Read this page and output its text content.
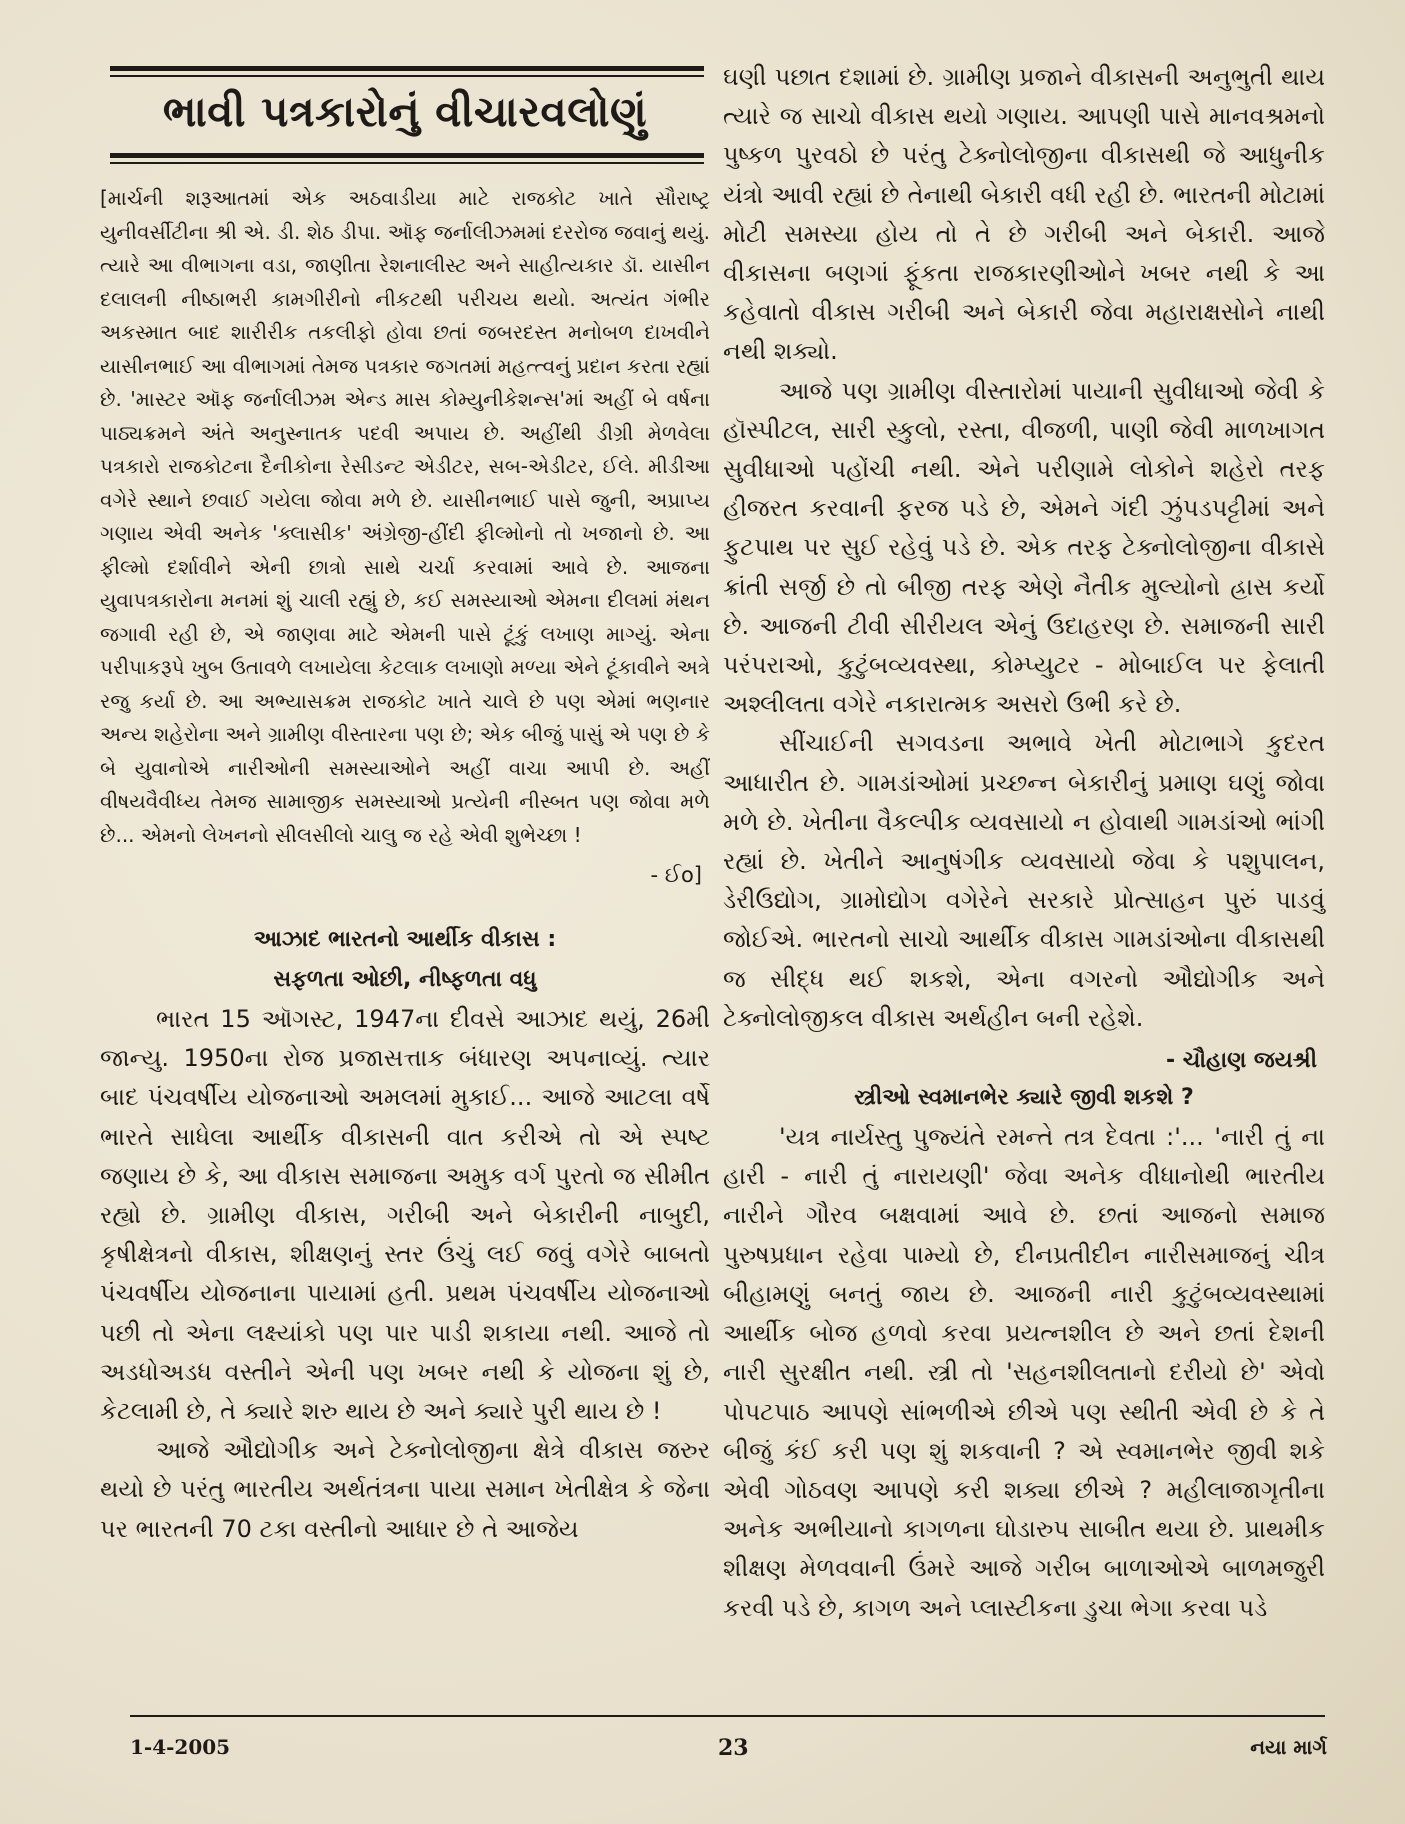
ભાવી પત્રકારોનું વીચારવલોણું

[માર્ચની શરૂઆતમાં એક અઠવાડીયા માટે રાજકોટ ખાતે સૌરાષ્ટ્ર યુનીવર્સીટીના શ્રી એ. ડી. શેઠ ડીપા. ઑફ જર્નાલીઝમમાં દરરોજ જવાનું થયું. ત્યારે આ વીભાગના વડા, જાણીતા રેશનાલીસ્ટ અને સાહીત્યકાર ડૉ. યાસીન દલાલની નીષ્ઠાભરી કામગીરીનો નીકટથી પરીચય થયો. અત્યંત ગંભીર અકસ્માત બાદ શારીરીક તકલીફો હોવા છતાં જબરદસ્ત મનોબળ દાખવીને યાસીનભાઈ આ વીભાગમાં તેમજ પત્રકાર જગતમાં મહત્ત્વનું પ્રદાન કરતા રહ્યાં છે. 'માસ્ટર ઑફ જર્નાલીઝમ એન્ડ માસ કોમ્યુનીકેશન્સ'માં અહીં બે વર્ષના પાઠ્યક્રમને અંતે અનુસ્નાતક પદવી અપાય છે. અહીંથી ડીગ્રી મેળવેલા પત્રકારો રાજકોટના દૈનીકોના રેસીડન્ટ એડીટર, સબ-એડીટર, ઈલે. મીડીઆ વગેરે સ્થાને છવાઈ ગયેલા જોવા મળે છે. યાસીનભાઈ પાસે જુની, અપ્રાપ્ય ગણાય એવી અનેક 'ક્લાસીક' અંગ્રેજી-હીંદી ફીલ્મોનો તો ખજાનો છે. આ ફીલ્મો દર્શાવીને એની છાત્રો સાથે ચર્ચા કરવામાં આવે છે. આજના યુવાપત્રકારોના મનમાં શું ચાલી રહ્યું છે, કઈ સમસ્યાઓ એમના દીલમાં મંથન જગાવી રહી છે, એ જાણવા માટે એમની પાસે ટૂંકું લખાણ માગ્યું. એના પરીપાકરૂપે ખુબ ઉતાવળે લખાયેલા કેટલાક લખાણો મળ્યા એને ટૂંકાવીને અત્રે રજુ કર્યા છે. આ અભ્યાસક્રમ રાજકોટ ખાતે ચાલે છે પણ એમાં ભણનાર અન્ય શહેરોના અને ગ્રામીણ વીસ્તારના પણ છે; એક બીજું પાસું એ પણ છે કે બે યુવાનોએ નારીઓની સમસ્યાઓને અહીં વાચા આપી છે. અહીં વીષયવૈવીધ્ય તેમજ સામાજીક સમસ્યાઓ પ્રત્યેની નીસ્બત પણ જોવા મળે છે... એમનો લેખનનો સીલસીલો ચાલુ જ રહે એવી શુભેચ્છા !

- ઈo]

આઝાદ ભારતનો આર્થીક વીકાસ :

સફળતા ઓછી, નીષ્ફળતા વધુ

ભારત 15 ઑગસ્ટ, 1947ના દીવસે આઝાદ થયું, 26મી જાન્યુ. 1950ના રોજ પ્રજાસત્તાક બંધારણ અપનાવ્યું. ત્યાર બાદ પંચવર્ષીય યોજનાઓ અમલમાં મુકાઈ... આજે આટલા વર્ષે ભારતે સાધેલા આર્થીક વીકાસની વાત કરીએ તો એ સ્પષ્ટ જણાય છે કે, આ વીકાસ સમાજના અમુક વર્ગ પુરતો જ સીમીત રહ્યો છે. ગ્રામીણ વીકાસ, ગરીબી અને બેકારીની નાબુદી, કૃષીક્ષેત્રનો વીકાસ, શીક્ષણનું સ્તર ઉંચું લઈ જવું વગેરે બાબતો પંચવર્ષીય યોજનાના પાયામાં હતી. પ્રથમ પંચવર્ષીય યોજનાઓ પછી તો એના લક્ષ્યાંકો પણ પાર પાડી શકાયા નથી. આજે તો અડધોઅડધ વસ્તીને એની પણ ખબર નથી કે યોજના શું છે, કેટલામી છે, તે ક્યારે શરુ થાય છે અને ક્યારે પુરી થાય છે !

આજે ઔદ્યોગીક અને ટેક્નોલોજીના ક્ષેત્રે વીકાસ જરુર થયો છે પરંતુ ભારતીય અર્થતંત્રના પાયા સમાન ખેતીક્ષેત્ર કે જેના પર ભારતની 70 ટકા વસ્તીનો આધાર છે તે આજેય

ઘણી પછાત દશામાં છે. ગ્રામીણ પ્રજાને વીકાસની અનુભુતી થાય ત્યારે જ સાચો વીકાસ થયો ગણાય. આપણી પાસે માનવશ્રમનો પુષ્કળ પુરવઠો છે પરંતુ ટેક્નોલોજીના વીકાસથી જે આધુનીક યંત્રો આવી રહ્યાં છે તેનાથી બેકારી વધી રહી છે. ભારતની મોટામાં મોટી સમસ્યા હોય તો તે છે ગરીબી અને બેકારી. આજે વીકાસના બણગાં ફૂંકતા રાજકારણીઓને ખબર નથી કે આ કહેવાતો વીકાસ ગરીબી અને બેકારી જેવા મહારાક્ષસોને નાથી નથી શક્યો.

આજે પણ ગ્રામીણ વીસ્તારોમાં પાયાની સુવીધાઓ જેવી કે હૉસ્પીટલ, સારી સ્કુલો, રસ્તા, વીજળી, પાણી જેવી માળખાગત સુવીધાઓ પહોંચી નથી. એને પરીણામે લોકોને શહેરો તરફ હીજરત કરવાની ફરજ પડે છે, એમને ગંદી ઝુંપડપટ્ટીમાં અને ફુટપાથ પર સુઈ રહેવું પડે છે. એક તરફ ટેક્નોલોજીના વીકાસે ક્રાંતી સર્જી છે તો બીજી તરફ એણે નૈતીક મુલ્યોનો હ્રાસ કર્યો છે. આજની ટીવી સીરીયલ એનું ઉદાહરણ છે. સમાજની સારી પરંપરાઓ, કુટુંબવ્યવસ્થા, કોમ્પ્યુટર - મોબાઈલ પર ફેલાતી અશ્લીલતા વગેરે નકારાત્મક અસરો ઉભી કરે છે.

સીંચાઈની સગવડના અભાવે ખેતી મોટાભાગે કુદરત આધારીત છે. ગામડાંઓમાં પ્રચ્છન્ન બેકારીનું પ્રમાણ ઘણું જોવા મળે છે. ખેતીના વૈકલ્પીક વ્યવસાયો ન હોવાથી ગામડાંઓ ભાંગી રહ્યાં છે. ખેતીને આનુષંગીક વ્યવસાયો જેવા કે પશુપાલન, ડેરીઉદ્યોગ, ગ્રામોદ્યોગ વગેરેને સરકારે પ્રોત્સાહન પુરું પાડવું જોઈએ. ભારતનો સાચો આર્થીક વીકાસ ગામડાંઓના વીકાસથી જ સીદ્ધ થઈ શકશે, એના વગરનો ઔદ્યોગીક અને ટેક્નોલોજીકલ વીકાસ અર્થહીન બની રહેશે.

- ચૌહાણ જયશ્રી

સ્ત્રીઓ સ્વમાનભેર ક્યારે જીવી શકશે ?

'યત્ર નાર્યસ્તુ પુજ્યંતે રમન્તે તત્ર દેવતા :'... 'નારી તું ના હારી - નારી તું નારાયણી' જેવા અનેક વીધાનોથી ભારતીય નારીને ગૌરવ બક્ષવામાં આવે છે. છતાં આજનો સમાજ પુરુષપ્રધાન રહેવા પામ્યો છે, દીનપ્રતીદીન નારીસમાજનું ચીત્ર બીહામણું બનતું જાય છે. આજની નારી કુટુંબવ્યવસ્થામાં આર્થીક બોજ હળવો કરવા પ્રયત્નશીલ છે અને છતાં દેશની નારી સુરક્ષીત નથી. સ્ત્રી તો 'સહનશીલતાનો દરીયો છે' એવો પોપટપાઠ આપણે સાંભળીએ છીએ પણ સ્થીતી એવી છે કે તે બીજું કંઈ કરી પણ શું શકવાની ? એ સ્વમાનભેર જીવી શકે એવી ગોઠવણ આપણે કરી શક્યા છીએ ? મહીલાજાગૃતીના અનેક અભીયાનો કાગળના ઘોડારુપ સાબીત થયા છે. પ્રાથમીક શીક્ષણ મેળવવાની ઉંમરે આજે ગરીબ બાળાઓએ બાળમજુરી કરવી પડે છે, કાગળ અને પ્લાસ્ટીકના ડુચા ભેગા કરવા પડે

1-4-2005	23	નયા માર્ગ
